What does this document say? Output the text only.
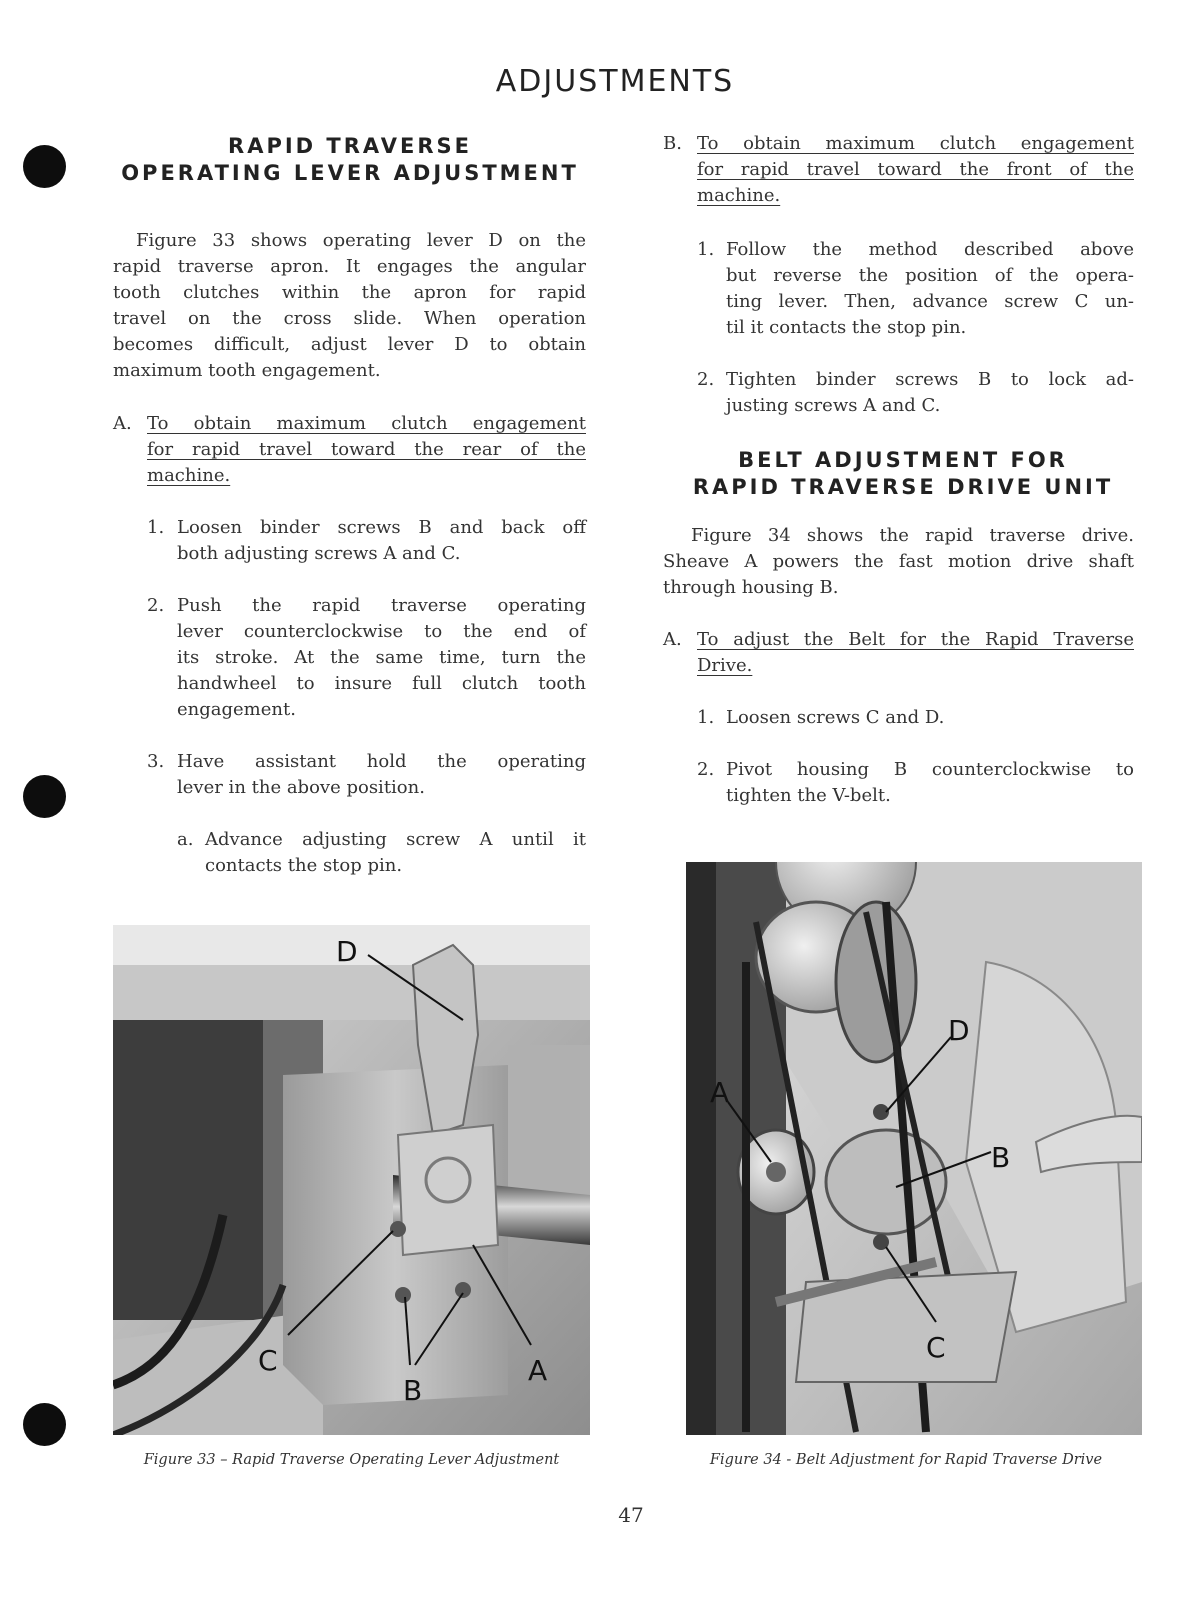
ADJUSTMENTS
RAPID TRAVERSE
OPERATING LEVER ADJUSTMENT
Figure 33 shows operating lever D on the
rapid traverse apron. It engages the angular
tooth clutches within the apron for rapid
travel on the cross slide. When operation
becomes difficult, adjust lever D to obtain
maximum tooth engagement.
A. To obtain maximum clutch engagement
for rapid travel toward the rear of the
machine.
1. Loosen binder screws B and back off
both adjusting screws A and C.
2. Push the rapid traverse operating
lever counterclockwise to the end of
its stroke. At the same time, turn the
handwheel to insure full clutch tooth
engagement.
3. Have assistant hold the operating
lever in the above position.
a. Advance adjusting screw A until it
contacts the stop pin.
D
C
B
A
Figure 33 – Rapid Traverse Operating Lever Adjustment
B. To obtain maximum clutch engagement
for rapid travel toward the front of the
machine.
1. Follow the method described above
but reverse the position of the opera-
ting lever. Then, advance screw C un-
til it contacts the stop pin.
2. Tighten binder screws B to lock ad-
justing screws A and C.
BELT ADJUSTMENT FOR
RAPID TRAVERSE DRIVE UNIT
Figure 34 shows the rapid traverse drive.
Sheave A powers the fast motion drive shaft
through housing B.
A. To adjust the Belt for the Rapid Traverse
Drive.
1. Loosen screws C and D.
2. Pivot housing B counterclockwise to
tighten the V-belt.
A
D
B
C
Figure 34 - Belt Adjustment for Rapid Traverse Drive
47
